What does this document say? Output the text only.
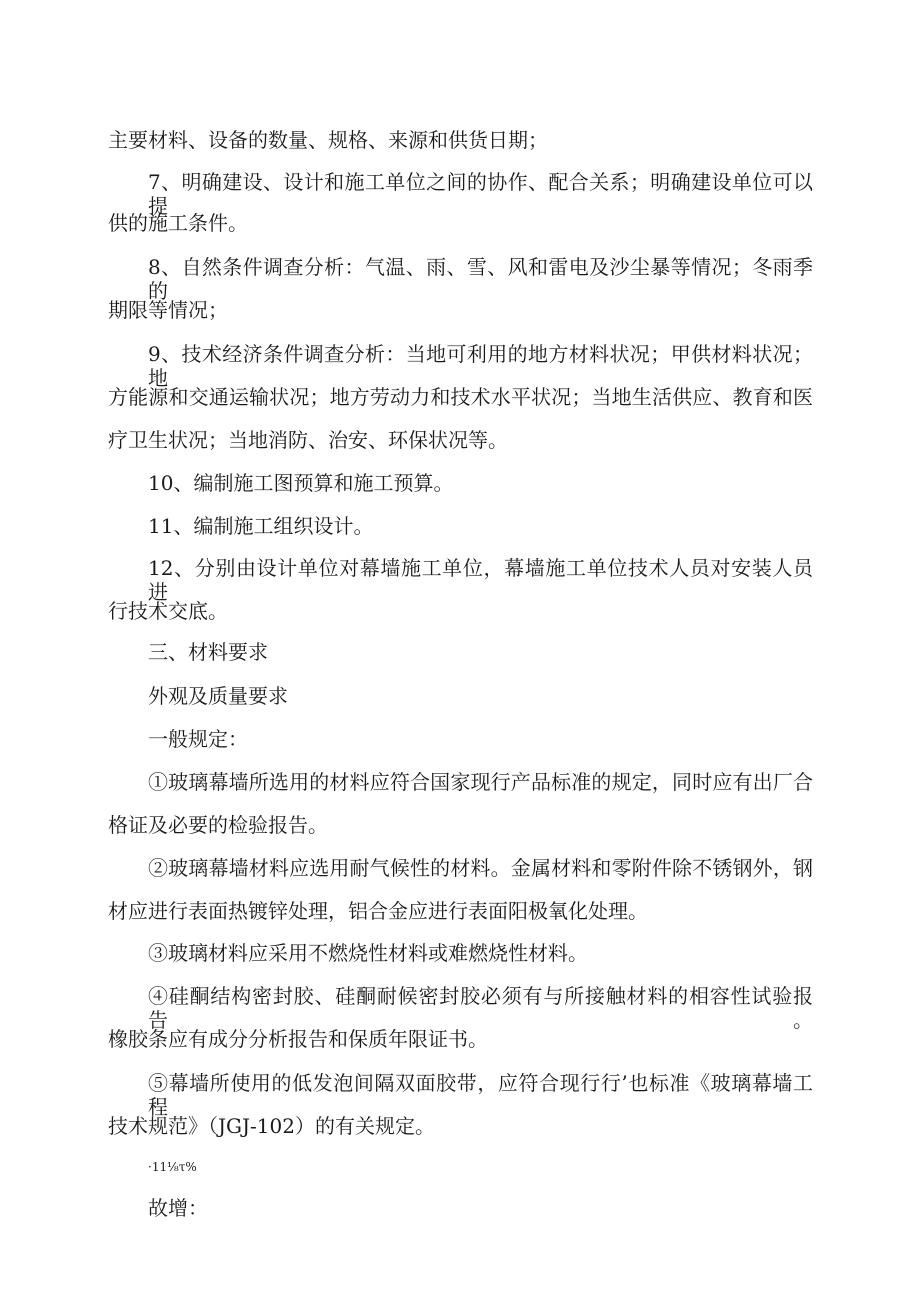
主要材料、设备的数量、规格、来源和供货日期；
7、明确建设、设计和施工单位之间的协作、配合关系；明确建设单位可以提
供的施工条件。
8、自然条件调查分析：气温、雨、雪、风和雷电及沙尘暴等情况；冬雨季的
期限等情况；
9、技术经济条件调查分析：当地可利用的地方材料状况；甲供材料状况；地
方能源和交通运输状况；地方劳动力和技术水平状况；当地生活供应、教育和医
疗卫生状况；当地消防、治安、环保状况等。
10、编制施工图预算和施工预算。
11、编制施工组织设计。
12、分别由设计单位对幕墙施工单位，幕墙施工单位技术人员对安装人员进
行技术交底。
三、材料要求
外观及质量要求
一般规定：
①玻璃幕墙所选用的材料应符合国家现行产品标准的规定，同时应有出厂合
格证及必要的检验报告。
②玻璃幕墙材料应选用耐气候性的材料。金属材料和零附件除不锈钢外，钢
材应进行表面热镀锌处理，铝合金应进行表面阳极氧化处理。
③玻璃材料应采用不燃烧性材料或难燃烧性材料。
④硅酮结构密封胶、硅酮耐候密封胶必须有与所接触材料的相容性试验报告。
橡胶条应有成分分析报告和保质年限证书。
⑤幕墙所使用的低发泡间隔双面胶带，应符合现行行’也标准《玻璃幕墙工程
技术规范》（JGJ-102）的有关规定。
·11⅛τ%
故增：
